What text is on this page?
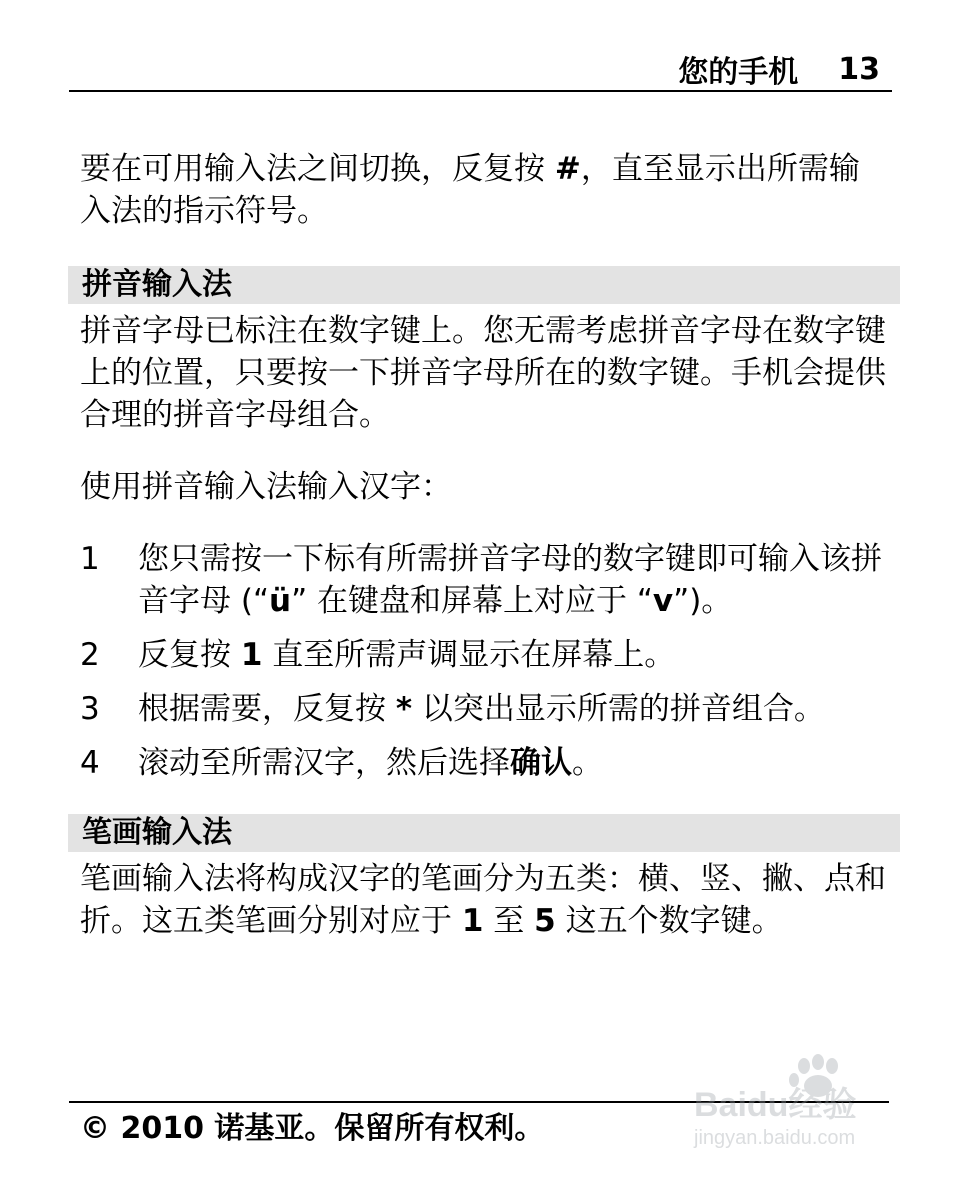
您的手机 13

要在可用输入法之间切换，反复按 #，直至显示出所需输入法的指示符号。

拼音输入法

拼音字母已标注在数字键上。您无需考虑拼音字母在数字键上的位置，只要按一下拼音字母所在的数字键。手机会提供合理的拼音字母组合。

使用拼音输入法输入汉字：

1	您只需按一下标有所需拼音字母的数字键即可输入该拼音字母 (“ü” 在键盘和屏幕上对应于 “v”)。
2	反复按 1 直至所需声调显示在屏幕上。
3	根据需要，反复按 * 以突出显示所需的拼音组合。
4	滚动至所需汉字，然后选择确认。
笔画输入法

笔画输入法将构成汉字的笔画分为五类：横、竖、撇、点和折。这五类笔画分别对应于 1 至 5 这五个数字键。

© 2010 诺基亚。保留所有权利。
Baidu经验
jingyan.baidu.com
